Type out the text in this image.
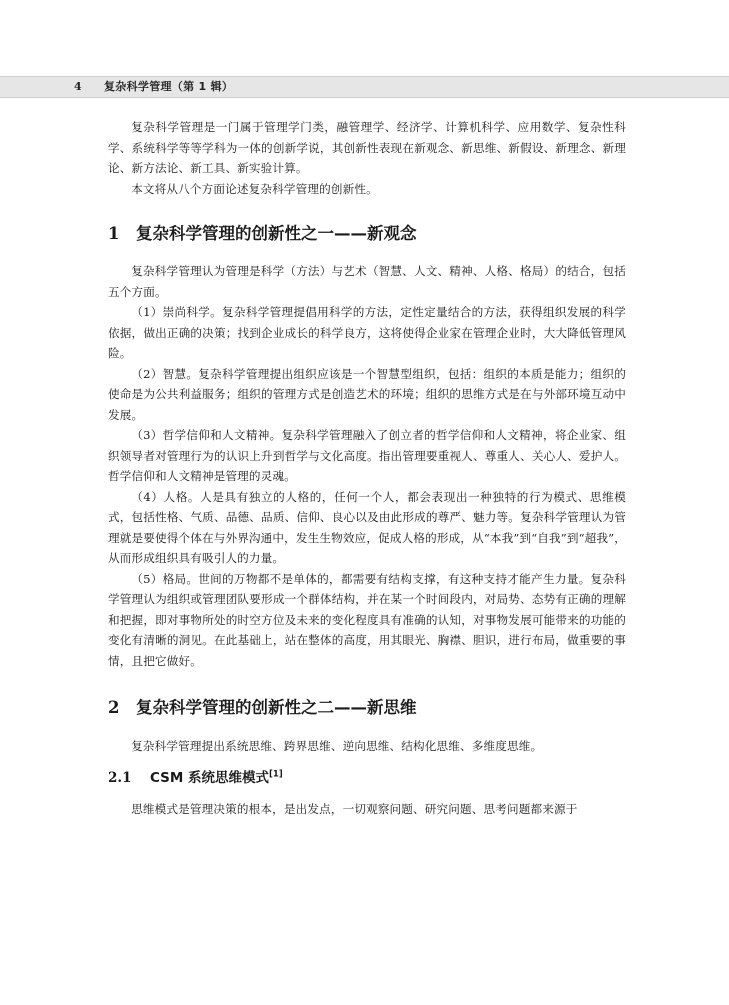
4 复杂科学管理（第 1 辑）

复杂科学管理是一门属于管理学门类，融管理学、经济学、计算机科学、应用数学、复杂性科学、系统科学等等学科为一体的创新学说，其创新性表现在新观念、新思维、新假设、新理念、新理论、新方法论、新工具、新实验计算。

本文将从八个方面论述复杂科学管理的创新性。

1 复杂科学管理的创新性之一——新观念

复杂科学管理认为管理是科学（方法）与艺术（智慧、人文、精神、人格、格局）的结合，包括五个方面。

（1）崇尚科学。复杂科学管理提倡用科学的方法，定性定量结合的方法，获得组织发展的科学依据，做出正确的决策；找到企业成长的科学良方，这将使得企业家在管理企业时，大大降低管理风险。

（2）智慧。复杂科学管理提出组织应该是一个智慧型组织，包括：组织的本质是能力；组织的使命是为公共利益服务；组织的管理方式是创造艺术的环境；组织的思维方式是在与外部环境互动中发展。

（3）哲学信仰和人文精神。复杂科学管理融入了创立者的哲学信仰和人文精神，将企业家、组织领导者对管理行为的认识上升到哲学与文化高度。指出管理要重视人、尊重人、关心人、爱护人。哲学信仰和人文精神是管理的灵魂。

（4）人格。人是具有独立的人格的，任何一个人，都会表现出一种独特的行为模式、思维模式，包括性格、气质、品德、品质、信仰、良心以及由此形成的尊严、魅力等。复杂科学管理认为管理就是要使得个体在与外界沟通中，发生生物效应，促成人格的形成，从“本我”到“自我”到“超我”，从而形成组织具有吸引人的力量。

（5）格局。世间的万物都不是单体的，都需要有结构支撑，有这种支持才能产生力量。复杂科学管理认为组织或管理团队要形成一个群体结构，并在某一个时间段内，对局势、态势有正确的理解和把握，即对事物所处的时空方位及未来的变化程度具有准确的认知，对事物发展可能带来的功能的变化有清晰的洞见。在此基础上，站在整体的高度，用其眼光、胸襟、胆识，进行布局，做重要的事情，且把它做好。

2 复杂科学管理的创新性之二——新思维

复杂科学管理提出系统思维、跨界思维、逆向思维、结构化思维、多维度思维。

2.1 CSM 系统思维模式[1]

思维模式是管理决策的根本，是出发点，一切观察问题、研究问题、思考问题都来源于
